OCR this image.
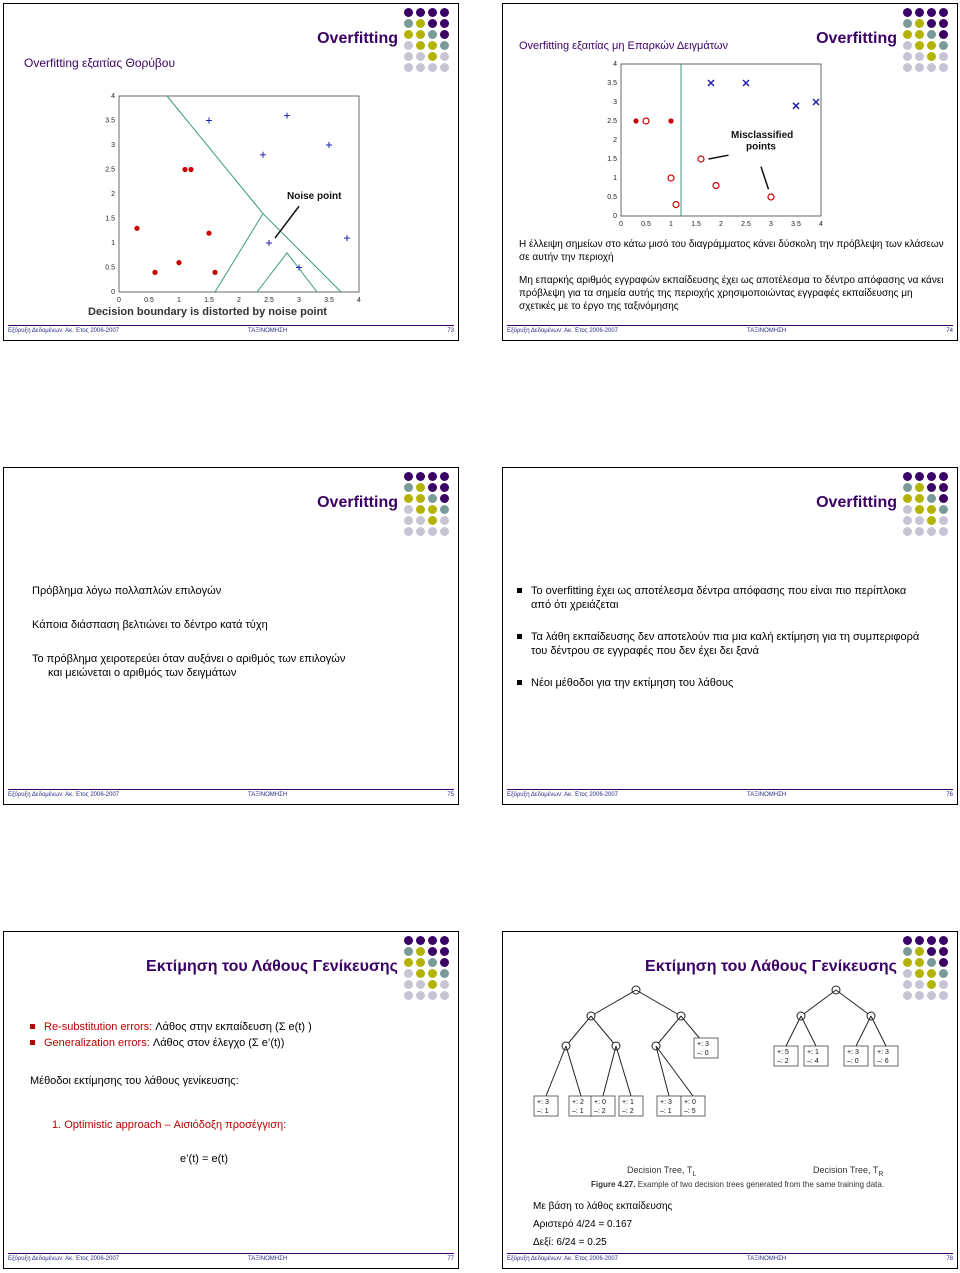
Overfitting εξαιτίας Θορύβου
Overfitting
0	0.5	1	1.5	2	2.5	3	3.5	4
0
0.5
1
1.5
2
2.5
3
3.5
4
Noise point
Decision boundary is distorted by noise point
Εξόρυξη Δεδομένων: Ακ. Έτος 2006-2007	ΤΑΞΙΝΟΜΗΣΗ	73
Overfitting εξαιτίας μη Επαρκών Δειγμάτων	Overfitting
0	0.5	1	1.5	2	2.5	3	3.5	4
0
0.5
1
1.5
2
2.5
3
3.5
4
Misclassified
points

Η έλλειψη σημείων στο κάτω μισό του διαγράμματος κάνει δύσκολη την πρόβλεψη των κλάσεων σε αυτήν την περιοχή

Μη επαρκής αριθμός εγγραφών εκπαίδευσης έχει ως αποτέλεσμα το δέντρο απόφασης να κάνει πρόβλεψη για τα σημεία αυτής της περιοχής χρησιμοποιώντας εγγραφές εκπαίδευσης μη σχετικές με το έργο της ταξινόμησης

Εξόρυξη Δεδομένων: Ακ. Έτος 2006-2007	ΤΑΞΙΝΟΜΗΣΗ	74
Overfitting

Πρόβλημα λόγω πολλαπλών επιλογών

Κάποια διάσπαση βελτιώνει το δέντρο κατά τύχη

Το πρόβλημα χειροτερεύει όταν αυξάνει ο αριθμός των επιλογών

και μειώνεται ο αριθμός των δειγμάτων

Εξόρυξη Δεδομένων: Ακ. Έτος 2006-2007	ΤΑΞΙΝΟΜΗΣΗ	75
Overfitting
Το overfitting έχει ως αποτέλεσμα δέντρα απόφασης που είναι πιο περίπλοκα από ότι χρειάζεται
Τα λάθη εκπαίδευσης δεν αποτελούν πια μια καλή εκτίμηση για τη συμπεριφορά του δέντρου σε εγγραφές που δεν έχει δει ξανά
Νέοι μέθοδοι για την εκτίμηση του λάθους
Εξόρυξη Δεδομένων: Ακ. Έτος 2006-2007	ΤΑΞΙΝΟΜΗΣΗ	76
Εκτίμηση του Λάθους Γενίκευσης
Re-substitution errors: Λάθος στην εκπαίδευση (Σ e(t) )
Generalization errors: Λάθος στον έλεγχο (Σ e’(t))

Μέθοδοι εκτίμησης του λάθους γενίκευσης:

1. Optimistic approach – Αισιόδοξη προσέγγιση:

e’(t) = e(t)

Εξόρυξη Δεδομένων: Ακ. Έτος 2006-2007	ΤΑΞΙΝΟΜΗΣΗ	77
Εκτίμηση του Λάθους Γενίκευσης
Decision Tree, $T_L$	Decision Tree, $T_R$
+: 3
–: 1
+: 2
–: 1
+: 0
–: 2
+: 1
–: 2
+: 3
–: 1
+: 0
–: 5
+: 3
–: 0	+: 5
–: 2
+: 1
–: 4
+: 3
–: 0
+: 3
–: 6
Figure 4.27. Example of two decision trees generated from the same training data.
Με βάση το λάθος εκπαίδευσης
Αριστερό 4/24 = 0.167
Δεξί: 6/24 = 0.25
Εξόρυξη Δεδομένων: Ακ. Έτος 2006-2007	ΤΑΞΙΝΟΜΗΣΗ	78
